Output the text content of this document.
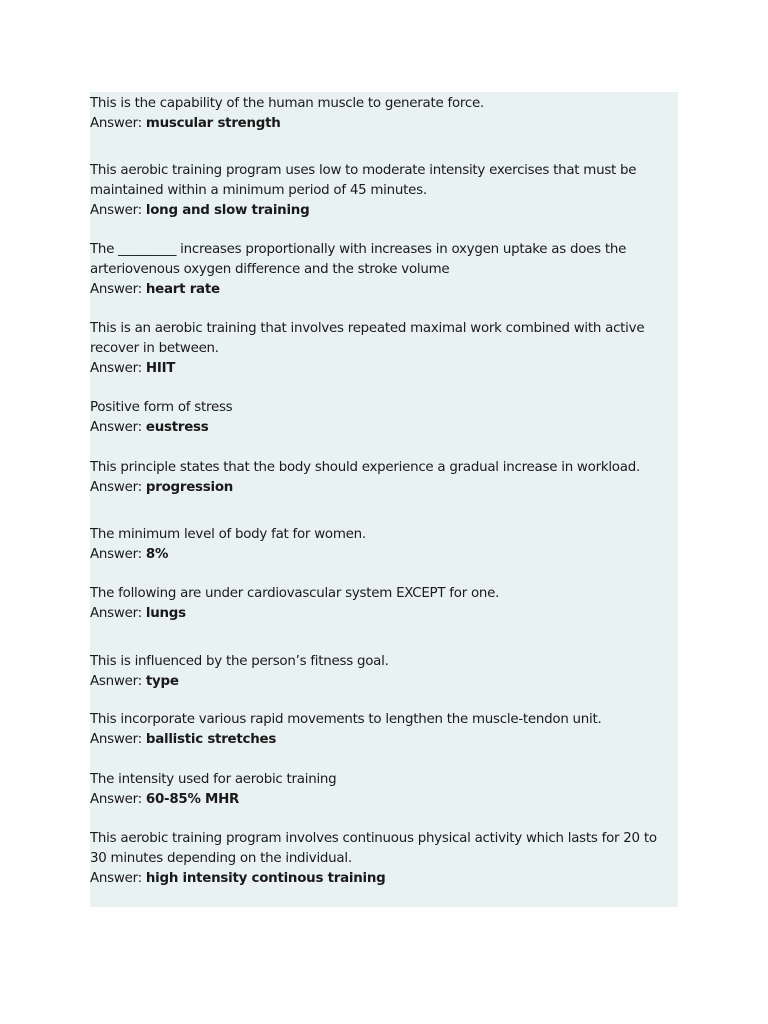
This is the capability of the human muscle to generate force.
Answer: muscular strength
This aerobic training program uses low to moderate intensity exercises that must be maintained within a minimum period of 45 minutes.
Answer: long and slow training
The _________ increases proportionally with increases in oxygen uptake as does the arteriovenous oxygen difference and the stroke volume
Answer: heart rate
This is an aerobic training that involves repeated maximal work combined with active recover in between.
Answer: HIIT
Positive form of stress
Answer: eustress
This principle states that the body should experience a gradual increase in workload.
Answer: progression
The minimum level of body fat for women.
Answer: 8%
The following are under cardiovascular system EXCEPT for one.
Answer: lungs
This is influenced by the person’s fitness goal.
Asnwer: type
This incorporate various rapid movements to lengthen the muscle-tendon unit.
Answer: ballistic stretches
The intensity used for aerobic training
Answer: 60-85% MHR
This aerobic training program involves continuous physical activity which lasts for 20 to 30 minutes depending on the individual.
Answer: high intensity continous training
